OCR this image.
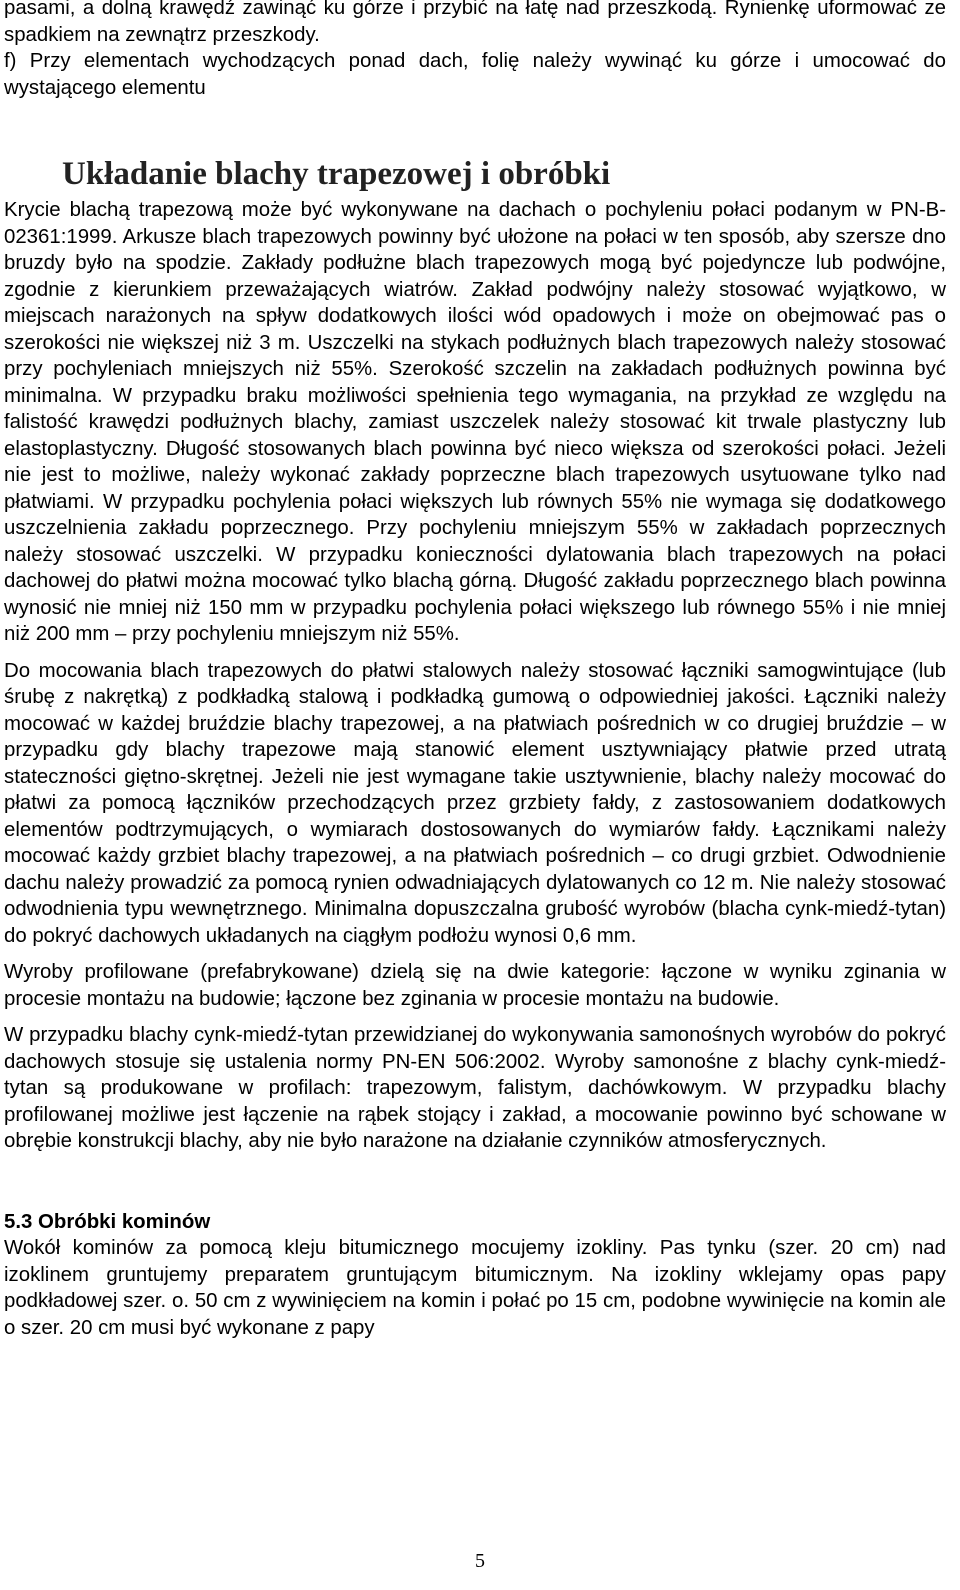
pasami, a dolną krawędź zawinąć ku górze i przybić na łatę nad przeszkodą. Rynienkę uformować ze spadkiem na zewnątrz przeszkody.

f) Przy elementach wychodzących ponad dach, folię należy wywinąć ku górze i umocować do wystającego elementu

Układanie blachy trapezowej i obróbki

Krycie blachą trapezową może być wykonywane na dachach o pochyleniu połaci podanym w PN-B-02361:1999. Arkusze blach trapezowych powinny być ułożone na połaci w ten sposób, aby szersze dno bruzdy było na spodzie. Zakłady podłużne blach trapezowych mogą być pojedyncze lub podwójne, zgodnie z kierunkiem przeważających wiatrów. Zakład podwójny należy stosować wyjątkowo, w miejscach narażonych na spływ dodatkowych ilości wód opadowych i może on obejmować pas o szerokości nie większej niż 3 m. Uszczelki na stykach podłużnych blach trapezowych należy stosować przy pochyleniach mniejszych niż 55%. Szerokość szczelin na zakładach podłużnych powinna być minimalna. W przypadku braku możliwości spełnienia tego wymagania, na przykład ze względu na falistość krawędzi podłużnych blachy, zamiast uszczelek należy stosować kit trwale plastyczny lub elastoplastyczny. Długość stosowanych blach powinna być nieco większa od szerokości połaci. Jeżeli nie jest to możliwe, należy wykonać zakłady poprzeczne blach trapezowych usytuowane tylko nad płatwiami. W przypadku pochylenia połaci większych lub równych 55% nie wymaga się dodatkowego uszczelnienia zakładu poprzecznego. Przy pochyleniu mniejszym 55% w zakładach poprzecznych należy stosować uszczelki. W przypadku konieczności dylatowania blach trapezowych na połaci dachowej do płatwi można mocować tylko blachą górną. Długość zakładu poprzecznego blach powinna wynosić nie mniej niż 150 mm w przypadku pochylenia połaci większego lub równego 55% i nie mniej niż 200 mm – przy pochyleniu mniejszym niż 55%.

Do mocowania blach trapezowych do płatwi stalowych należy stosować łączniki samogwintujące (lub śrubę z nakrętką) z podkładką stalową i podkładką gumową o odpowiedniej jakości. Łączniki należy mocować w każdej bruździe blachy trapezowej, a na płatwiach pośrednich w co drugiej bruździe – w przypadku gdy blachy trapezowe mają stanowić element usztywniający płatwie przed utratą stateczności giętno-skrętnej. Jeżeli nie jest wymagane takie usztywnienie, blachy należy mocować do płatwi za pomocą łączników przechodzących przez grzbiety fałdy, z zastosowaniem dodatkowych elementów podtrzymujących, o wymiarach dostosowanych do wymiarów fałdy. Łącznikami należy mocować każdy grzbiet blachy trapezowej, a na płatwiach pośrednich – co drugi grzbiet. Odwodnienie dachu należy prowadzić za pomocą rynien odwadniających dylatowanych co 12 m. Nie należy stosować odwodnienia typu wewnętrznego. Minimalna dopuszczalna grubość wyrobów (blacha cynk-miedź-tytan) do pokryć dachowych układanych na ciągłym podłożu wynosi 0,6 mm.

Wyroby profilowane (prefabrykowane) dzielą się na dwie kategorie: łączone w wyniku zginania w procesie montażu na budowie; łączone bez zginania w procesie montażu na budowie.

W przypadku blachy cynk-miedź-tytan przewidzianej do wykonywania samonośnych wyrobów do pokryć dachowych stosuje się ustalenia normy PN-EN 506:2002. Wyroby samonośne z blachy cynk-miedź-tytan są produkowane w profilach: trapezowym, falistym, dachówkowym. W przypadku blachy profilowanej możliwe jest łączenie na rąbek stojący i zakład, a mocowanie powinno być schowane w obrębie konstrukcji blachy, aby nie było narażone na działanie czynników atmosferycznych.

5.3 Obróbki kominów

Wokół kominów za pomocą kleju bitumicznego mocujemy izokliny. Pas tynku (szer. 20 cm) nad izoklinem gruntujemy preparatem gruntującym bitumicznym. Na izokliny wklejamy opas papy podkładowej szer. o. 50 cm z wywinięciem na komin i połać po 15 cm, podobne wywinięcie na komin ale o szer. 20 cm musi być wykonane z papy

5
